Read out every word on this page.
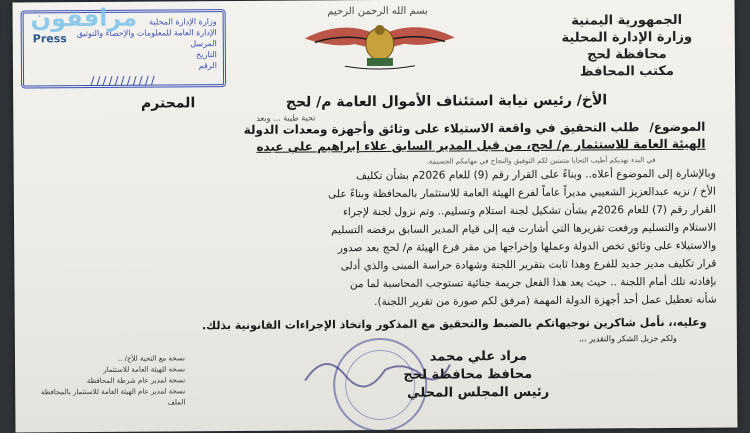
وزارة الإدارة المحلية
الإدارة العامة للمعلومات والإحصاء والتوثيق
المرسل
التاريخ
الرقم
///////////
مرافقون
Press
بسم الله الرحمن الرحيم
الجمهورية اليمنية
وزارة الإدارة المحلية
محافظة لحج
مكتب المحافظ
الأخ/ رئيس نيابة استئناف الأموال العامة م/ لحج
المحترم
تحية طيبة ... وبعد
الموضوع/
طلب التحقيق في واقعة الاستيلاء على وثائق وأجهزة ومعدات الدولة
الهيئة العامة للاستثمار م/ لحج، من قبل المدير السابق علاء إبراهيم علي عبده
في البدء نهديكم أطيب التحايا متمنين لكم التوفيق والنجاح في مهامكم الجسيمة.
وبالإشارة إلى الموضوع أعلاه.. وبناءً على القرار رقم (9) للعام 2026م بشأن تكليف
الأخ / نزيه عبدالعزيز الشعيبي مديراً عاماً لفرع الهيئة العامة للاستثمار بالمحافظة وبناءً على
القرار رقم (7) للعام 2026م بشأن تشكيل لجنة استلام وتسليم.. وتم نزول لجنة لإجراء
الاستلام والتسليم ورفعت تقريرها التي أشارت فيه إلى قيام المدير السابق برفضه التسليم
والاستيلاء على وثائق تخص الدولة وعملها وإخراجها من مقر فرع الهيئة م/ لحج بعد صدور
قرار تكليف مدير جديد للفرع وهذا ثابت بتقرير اللجنة وشهادة حراسة المبنى والذي أدلى
بإفادته تلك أمام اللجنة .. حيث يعد هذا الفعل جريمة جنائية تستوجب المحاسبة لما من
شأنه تعطيل عمل أحد أجهزة الدولة المهمة (مرفق لكم صورة من تقرير اللجنة).
وعليه،، نأمل شاكرين توجيهاتكم بالضبط والتحقيق مع المذكور واتخاذ الإجراءات القانونية بذلك.
ولكم جزيل الشكر والتقدير ،،،
مراد علي محمد
محافظ محافظة لحج
رئيس المجلس المحلي
نسخة مع التحية للأخ/ ..
نسخة للهيئة العامة للاستثمار
نسخة لمدير عام شرطة المحافظة
نسخة لمدير عام الهيئة العامة للاستثمار بالمحافظة
الملف
